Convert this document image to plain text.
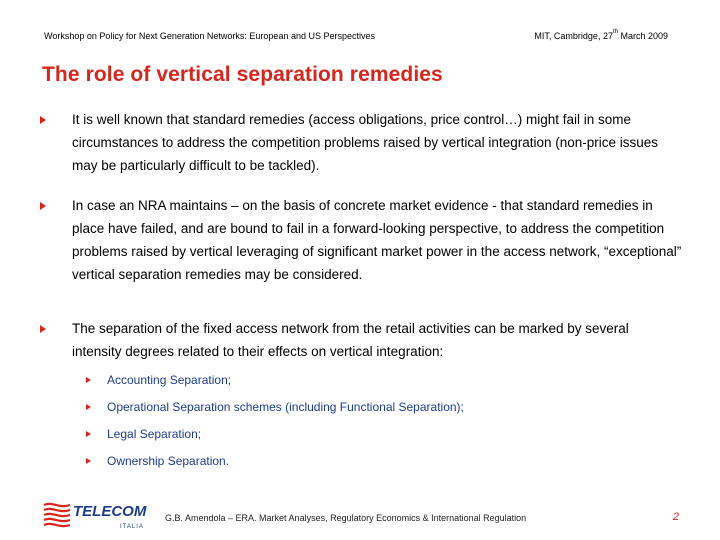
Workshop on Policy for Next Generation Networks: European and US Perspectives	MIT, Cambridge, 27th March 2009
The role of vertical separation remedies
It is well known that standard remedies (access obligations, price control…) might fail in some circumstances to address the competition problems raised by vertical integration (non-price issues may be particularly difficult to be tackled).
In case an NRA maintains – on the basis of concrete market evidence - that standard remedies in place have failed, and are bound to fail in a forward-looking perspective, to address the competition problems raised by vertical leveraging of significant market power in the access network, “exceptional” vertical separation remedies may be considered.
The separation of the fixed access network from the retail activities can be marked by several intensity degrees related to their effects on vertical integration:
Accounting Separation;
Operational Separation schemes (including Functional Separation);
Legal Separation;
Ownership Separation.
TELECOM
ITALIA
G.B. Amendola – ERA. Market Analyses, Regulatory Economics & International Regulation	2
